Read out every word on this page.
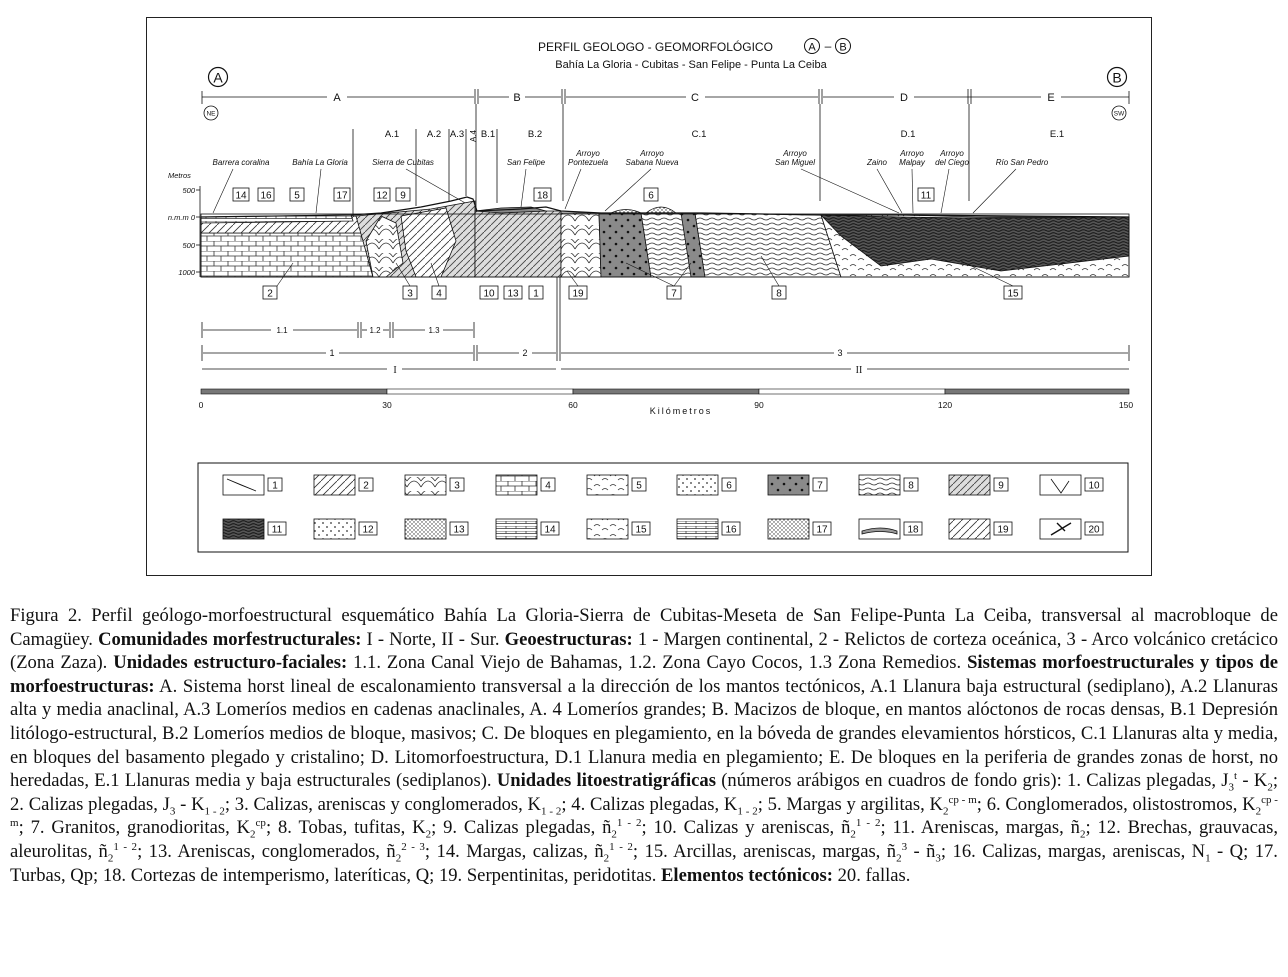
PERFIL GEOLOGO - GEOMORFOLÓGICO	A – B
Bahía La Gloria - Cubitas - San Felipe - Punta La Ceiba
A	B
NE	SW
A	B	C	D	E
A.1	A.2 A.3 A.4 B.1	B.2	C.1	D.1	E.1
Barrera coralina	Bahía La Gloria	Sierra de Cubitas	San Felipe
Arroyo
Pontezuela
Arroyo
Sabana Nueva
Arroyo
San Miguel	Zaino
Arroyo
Malpay
Arroyo
del Ciego	Río San Pedro
Metros
500
n.m.m 0
500
1000
14 16 5	17	12 9	18	6	11
2	3 4	10 13 1	19	7	8	15
1.1	1.2	1.3
1	2	3
I	II
0	30	60	90	120	150
Kilómetros
1	2	3	4	5	6	7	8	9	10
11	12	13	14	15	16	17	18	19	20

Figura 2. Perfil geólogo-morfoestructural esquemático Bahía La Gloria-Sierra de Cubitas-Meseta de San Felipe-Punta La Ceiba, transversal al macrobloque de Camagüey. Comunidades morfestructurales: I - Norte, II - Sur. Geoestructuras: 1 - Margen continental, 2 - Relictos de corteza oceánica, 3 - Arco volcánico cretácico (Zona Zaza). Unidades estructuro-faciales: 1.1. Zona Canal Viejo de Bahamas, 1.2. Zona Cayo Cocos, 1.3 Zona Remedios. Sistemas morfoestructurales y tipos de morfoestructuras: A. Sistema horst lineal de escalonamiento transversal a la dirección de los mantos tectónicos, A.1 Llanura baja estructural (sediplano), A.2 Llanuras alta y media anaclinal, A.3 Lomeríos medios en cadenas anaclinales, A. 4 Lomeríos grandes; B. Macizos de bloque, en mantos alóctonos de rocas densas, B.1 Depresión litólogo-estructural, B.2 Lomeríos medios de bloque, masivos; C. De bloques en plegamiento, en la bóveda de grandes elevamientos hórsticos, C.1 Llanuras alta y media, en bloques del basamento plegado y cristalino; D. Litomorfoestructura, D.1 Llanura media en plegamiento; E. De bloques en la periferia de grandes zonas de horst, no heredadas, E.1 Llanuras media y baja estructurales (sediplanos). Unidades litoestratigráficas (números arábigos en cuadros de fondo gris): 1. Calizas plegadas, $J_3^t - K_2$; 2. Calizas plegadas, $J_3 - K_{1 - 2}$; 3. Calizas, areniscas y conglomerados, $K_{1 - 2}$; 4. Calizas plegadas, $K_{1 - 2}$; 5. Margas y argilitas, $K_2^{cp - m}$; 6. Conglomerados, olistostromos, $K_2^{cp - m}$; 7. Granitos, granodioritas, $K_2^{cp}$; 8. Tobas, tufitas, $K_2$; 9. Calizas plegadas, $ñ_2^{1 - 2}$; 10. Calizas y areniscas, $ñ_2^{1 - 2}$; 11. Areniscas, margas, $ñ_2$; 12. Brechas, grauvacas, aleurolitas, $ñ_2^{1 - 2}$; 13. Areniscas, conglomerados, $ñ_2^{2 - 3}$; 14. Margas, calizas, $ñ_2^{1 - 2}$; 15. Arcillas, areniscas, margas, $ñ_2^3$ - $ñ_3$; 16. Calizas, margas, areniscas, $N_1$ - Q; 17. Turbas, Qp; 18. Cortezas de intemperismo, lateríticas, Q; 19. Serpentinitas, peridotitas. Elementos tectónicos: 20. fallas.
